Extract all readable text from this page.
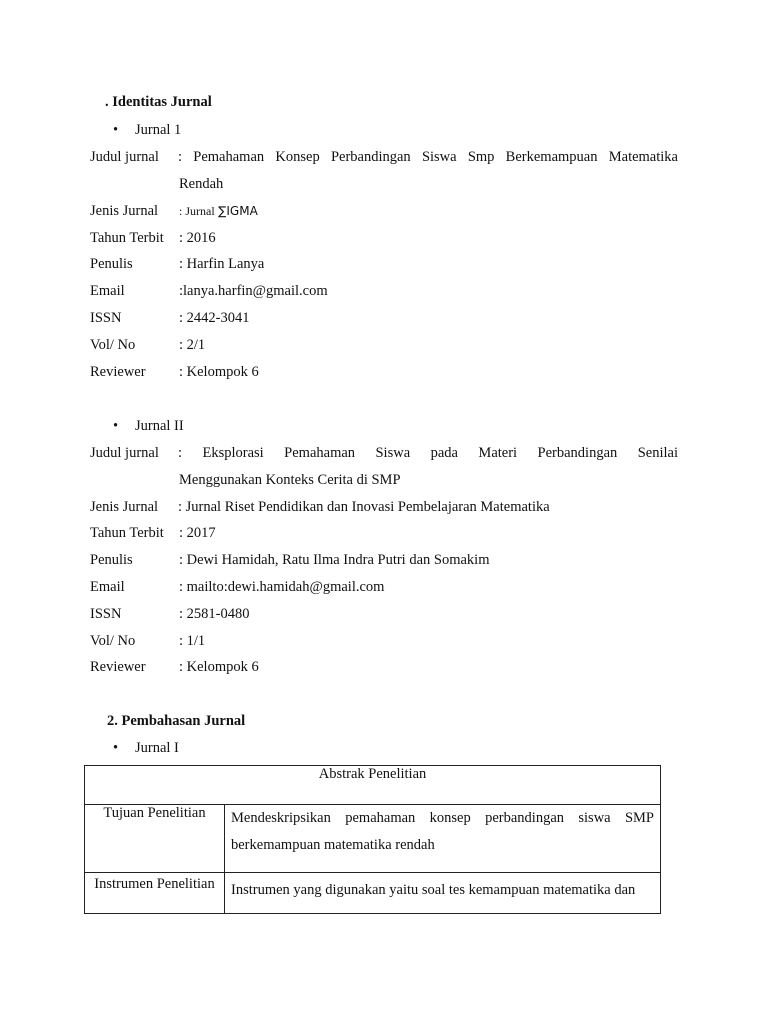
. Identitas Jurnal
• Jurnal 1
Judul jurnal : Pemahaman Konsep Perbandingan Siswa Smp Berkemampuan Matematika
Rendah
Jenis Jurnal : Jurnal ∑IGMA
Tahun Terbit : 2016
Penulis	: Harfin Lanya
Email	:lanya.harfin@gmail.com
ISSN	: 2442-3041
Vol/ No	: 2/1
Reviewer : Kelompok 6
• Jurnal II
Judul jurnal : Eksplorasi Pemahaman Siswa pada Materi Perbandingan Senilai
Menggunakan Konteks Cerita di SMP
Jenis Jurnal : Jurnal Riset Pendidikan dan Inovasi Pembelajaran Matematika
Tahun Terbit : 2017
Penulis	: Dewi Hamidah, Ratu Ilma Indra Putri dan Somakim
Email	: mailto:dewi.hamidah@gmail.com
ISSN	: 2581-0480
Vol/ No	: 1/1
Reviewer : Kelompok 6
2. Pembahasan Jurnal
• Jurnal I
Abstrak Penelitian	
Tujuan Penelitian	Mendeskripsikan pemahaman konsep perbandingan siswa SMP
berkemampuan matematika rendah

Instrumen Penelitian	Instrumen yang digunakan yaitu soal tes kemampuan matematika dan
